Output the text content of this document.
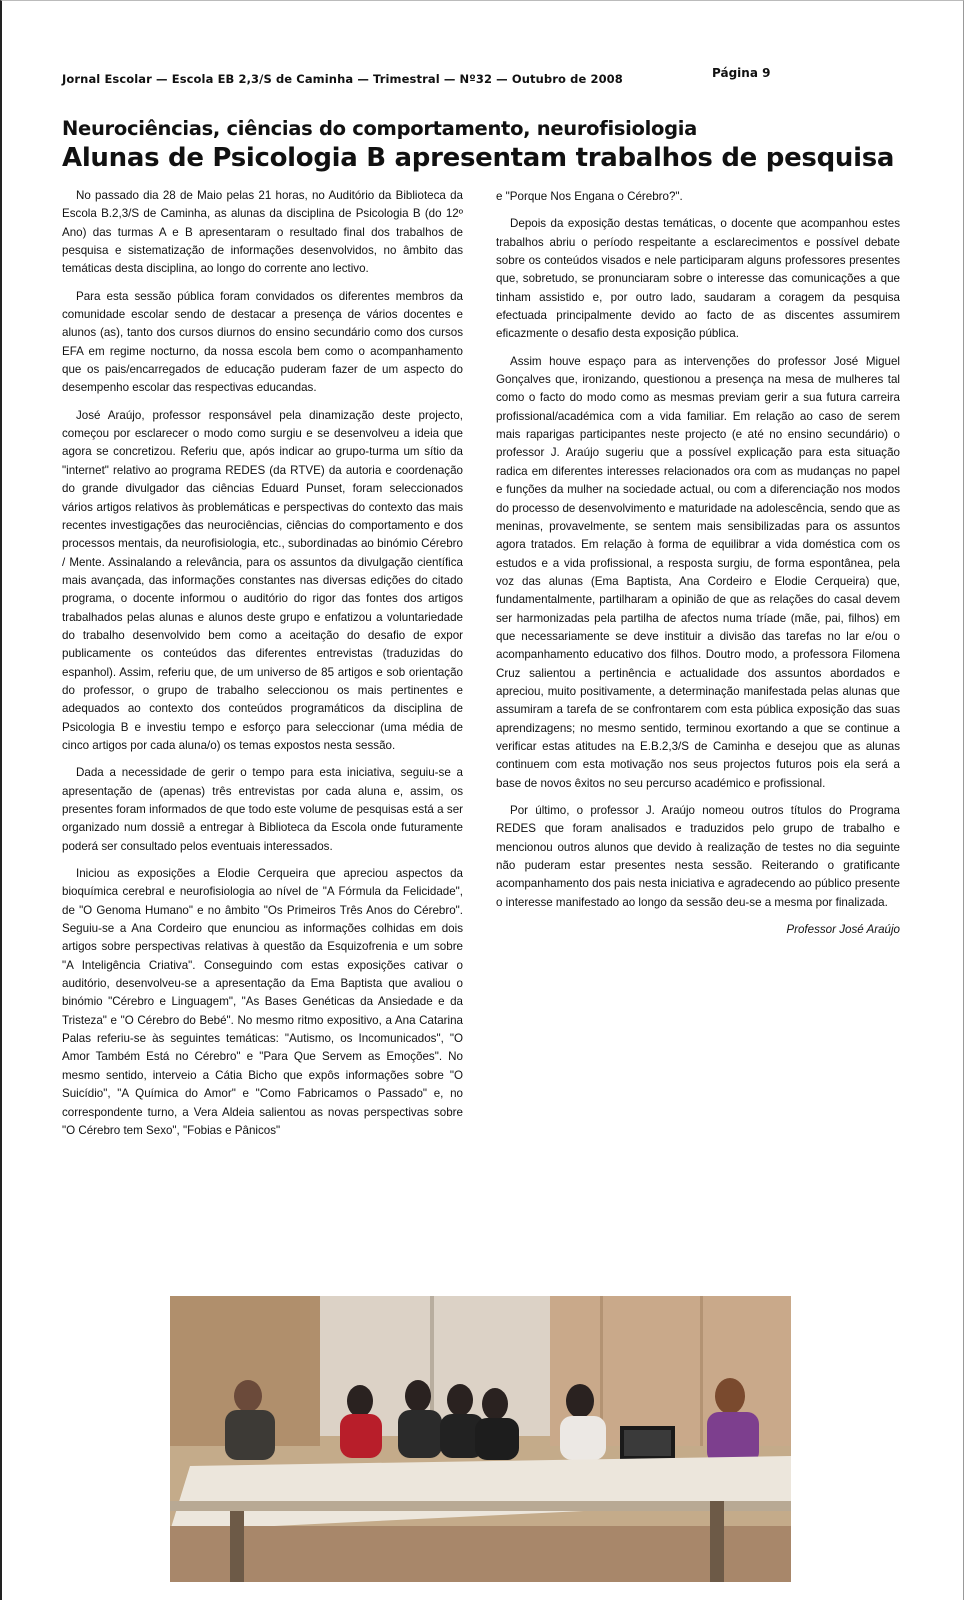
Jornal Escolar — Escola EB 2,3/S de Caminha — Trimestral — Nº32 — Outubro de 2008	Página 9
Neurociências, ciências do comportamento, neurofisiologia
Alunas de Psicologia B apresentam trabalhos de pesquisa

No passado dia 28 de Maio pelas 21 horas, no Auditório da Biblioteca da Escola B.2,3/S de Caminha, as alunas da disciplina de Psicologia B (do 12º Ano) das turmas A e B apresentaram o resultado final dos trabalhos de pesquisa e sistematização de informações desenvolvidos, no âmbito das temáticas desta disciplina, ao longo do corrente ano lectivo.

Para esta sessão pública foram convidados os diferentes membros da comunidade escolar sendo de destacar a presença de vários docentes e alunos (as), tanto dos cursos diurnos do ensino secundário como dos cursos EFA em regime nocturno, da nossa escola bem como o acompanhamento que os pais/encarregados de educação puderam fazer de um aspecto do desempenho escolar das respectivas educandas.

José Araújo, professor responsável pela dinamização deste projecto, começou por esclarecer o modo como surgiu e se desenvolveu a ideia que agora se concretizou. Referiu que, após indicar ao grupo-turma um sítio da "internet" relativo ao programa REDES (da RTVE) da autoria e coordenação do grande divulgador das ciências Eduard Punset, foram seleccionados vários artigos relativos às problemáticas e perspectivas do contexto das mais recentes investigações das neurociências, ciências do comportamento e dos processos mentais, da neurofisiologia, etc., subordinadas ao binómio Cérebro / Mente. Assinalando a relevância, para os assuntos da divulgação científica mais avançada, das informações constantes nas diversas edições do citado programa, o docente informou o auditório do rigor das fontes dos artigos trabalhados pelas alunas e alunos deste grupo e enfatizou a voluntariedade do trabalho desenvolvido bem como a aceitação do desafio de expor publicamente os conteúdos das diferentes entrevistas (traduzidas do espanhol). Assim, referiu que, de um universo de 85 artigos e sob orientação do professor, o grupo de trabalho seleccionou os mais pertinentes e adequados ao contexto dos conteúdos programáticos da disciplina de Psicologia B e investiu tempo e esforço para seleccionar (uma média de cinco artigos por cada aluna/o) os temas expostos nesta sessão.

Dada a necessidade de gerir o tempo para esta iniciativa, seguiu-se a apresentação de (apenas) três entrevistas por cada aluna e, assim, os presentes foram informados de que todo este volume de pesquisas está a ser organizado num dossiê a entregar à Biblioteca da Escola onde futuramente poderá ser consultado pelos eventuais interessados.

Iniciou as exposições a Elodie Cerqueira que apreciou aspectos da bioquímica cerebral e neurofisiologia ao nível de "A Fórmula da Felicidade", de "O Genoma Humano" e no âmbito "Os Primeiros Três Anos do Cérebro". Seguiu-se a Ana Cordeiro que enunciou as informações colhidas em dois artigos sobre perspectivas relativas à questão da Esquizofrenia e um sobre "A Inteligência Criativa". Conseguindo com estas exposições cativar o auditório, desenvolveu-se a apresentação da Ema Baptista que avaliou o binómio "Cérebro e Linguagem", "As Bases Genéticas da Ansiedade e da Tristeza" e "O Cérebro do Bebé". No mesmo ritmo expositivo, a Ana Catarina Palas referiu-se às seguintes temáticas: "Autismo, os Incomunicados", "O Amor Também Está no Cérebro" e "Para Que Servem as Emoções". No mesmo sentido, interveio a Cátia Bicho que expôs informações sobre "O Suicídio", "A Química do Amor" e "Como Fabricamos o Passado" e, no correspondente turno, a Vera Aldeia salientou as novas perspectivas sobre "O Cérebro tem Sexo", "Fobias e Pânicos"

e "Porque Nos Engana o Cérebro?".

Depois da exposição destas temáticas, o docente que acompanhou estes trabalhos abriu o período respeitante a esclarecimentos e possível debate sobre os conteúdos visados e nele participaram alguns professores presentes que, sobretudo, se pronunciaram sobre o interesse das comunicações a que tinham assistido e, por outro lado, saudaram a coragem da pesquisa efectuada principalmente devido ao facto de as discentes assumirem eficazmente o desafio desta exposição pública.

Assim houve espaço para as intervenções do professor José Miguel Gonçalves que, ironizando, questionou a presença na mesa de mulheres tal como o facto do modo como as mesmas previam gerir a sua futura carreira profissional/académica com a vida familiar. Em relação ao caso de serem mais raparigas participantes neste projecto (e até no ensino secundário) o professor J. Araújo sugeriu que a possível explicação para esta situação radica em diferentes interesses relacionados ora com as mudanças no papel e funções da mulher na sociedade actual, ou com a diferenciação nos modos do processo de desenvolvimento e maturidade na adolescência, sendo que as meninas, provavelmente, se sentem mais sensibilizadas para os assuntos agora tratados. Em relação à forma de equilibrar a vida doméstica com os estudos e a vida profissional, a resposta surgiu, de forma espontânea, pela voz das alunas (Ema Baptista, Ana Cordeiro e Elodie Cerqueira) que, fundamentalmente, partilharam a opinião de que as relações do casal devem ser harmonizadas pela partilha de afectos numa tríade (mãe, pai, filhos) em que necessariamente se deve instituir a divisão das tarefas no lar e/ou o acompanhamento educativo dos filhos. Doutro modo, a professora Filomena Cruz salientou a pertinência e actualidade dos assuntos abordados e apreciou, muito positivamente, a determinação manifestada pelas alunas que assumiram a tarefa de se confrontarem com esta pública exposição das suas aprendizagens; no mesmo sentido, terminou exortando a que se continue a verificar estas atitudes na E.B.2,3/S de Caminha e desejou que as alunas continuem com esta motivação nos seus projectos futuros pois ela será a base de novos êxitos no seu percurso académico e profissional.

Por último, o professor J. Araújo nomeou outros títulos do Programa REDES que foram analisados e traduzidos pelo grupo de trabalho e mencionou outros alunos que devido à realização de testes no dia seguinte não puderam estar presentes nesta sessão. Reiterando o gratificante acompanhamento dos pais nesta iniciativa e agradecendo ao público presente o interesse manifestado ao longo da sessão deu-se a mesma por finalizada.

Professor José Araújo
